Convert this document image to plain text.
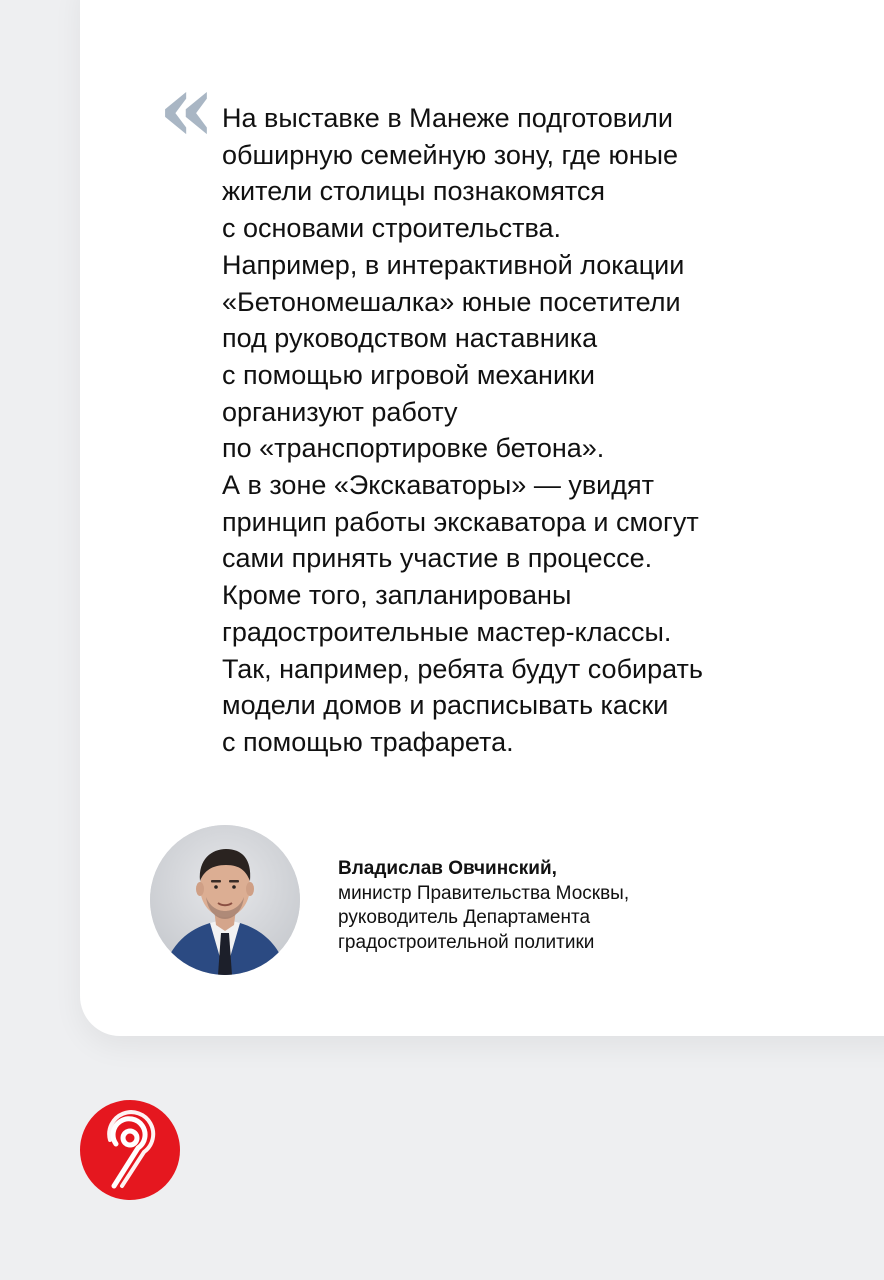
« На выставке в Манеже подготовили
обширную семейную зону, где юные
жители столицы познакомятся
с основами строительства.
Например, в интерактивной локации
«Бетономешалка» юные посетители
под руководством наставника
с помощью игровой механики
организуют работу
по «транспортировке бетона».
А в зоне «Экскаваторы» — увидят
принцип работы экскаватора и смогут
сами принять участие в процессе.
Кроме того, запланированы
градостроительные мастер-классы.
Так, например, ребята будут собирать
модели домов и расписывать каски
с помощью трафарета.
Владислав Овчинский,
министр Правительства Москвы,
руководитель Департамента
градостроительной политики
